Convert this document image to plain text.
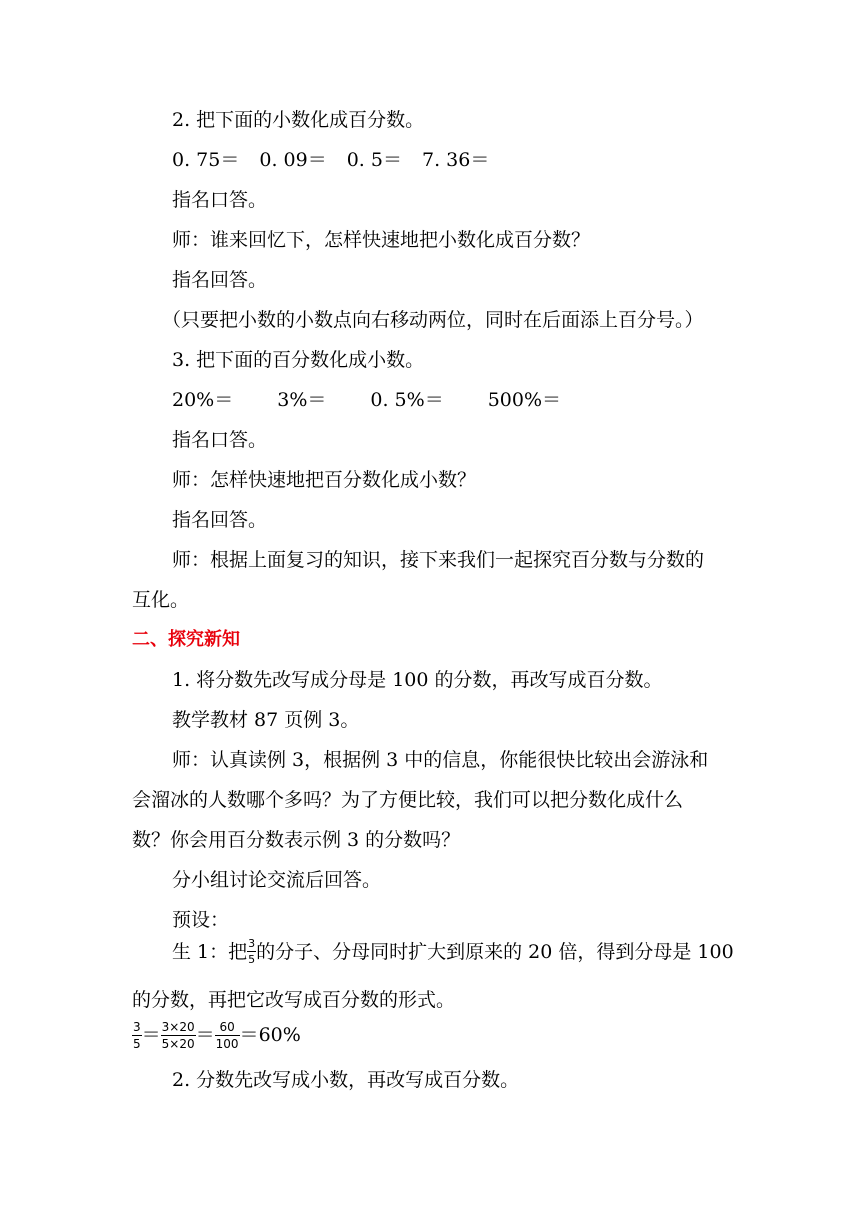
2. 把下面的小数化成百分数。
0. 75＝ 0. 09＝ 0. 5＝ 7. 36＝
指名口答。
师：谁来回忆下，怎样快速地把小数化成百分数？
指名回答。
（只要把小数的小数点向右移动两位，同时在后面添上百分号。）
3. 把下面的百分数化成小数。
20%＝ 3%＝ 0. 5%＝ 500%＝
指名口答。
师：怎样快速地把百分数化成小数？
指名回答。
师：根据上面复习的知识，接下来我们一起探究百分数与分数的
互化。
二、探究新知
1. 将分数先改写成分母是 100 的分数，再改写成百分数。
教学教材 87 页例 3。
师：认真读例 3，根据例 3 中的信息，你能很快比较出会游泳和
会溜冰的人数哪个多吗？为了方便比较，我们可以把分数化成什么
数？你会用百分数表示例 3 的分数吗？
分小组讨论交流后回答。
预设：
生 1：把 $\frac{3}{5}$ 的分子、分母同时扩大到原来的 20 倍，得到分母是 100
的分数，再把它改写成百分数的形式。
$\frac{3}{5} = \frac{3\times 20}{5\times 20} = \frac{60}{100} =60\%$
2. 分数先改写成小数，再改写成百分数。
